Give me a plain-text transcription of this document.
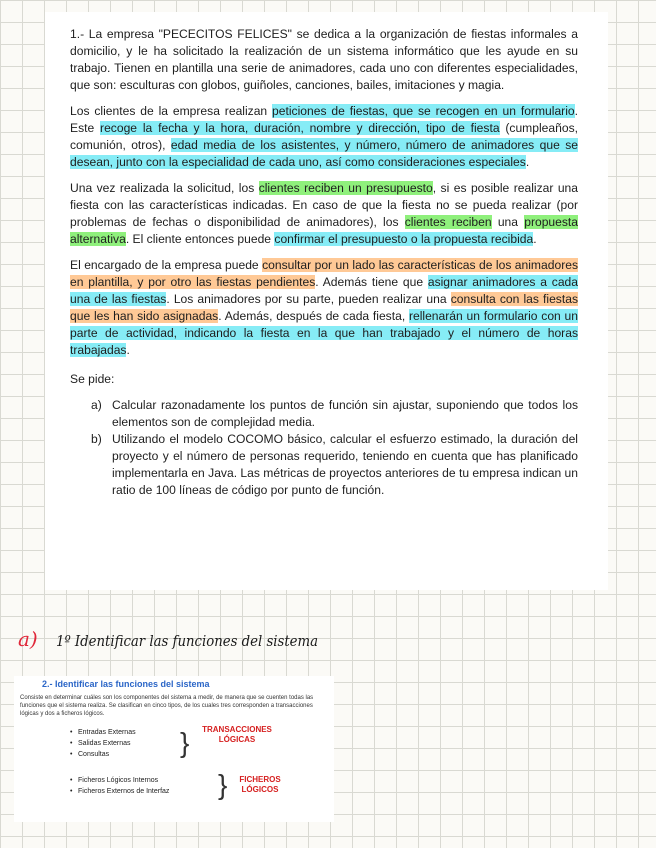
1.- La empresa "PECECITOS FELICES" se dedica a la organización de fiestas informales a domicilio, y le ha solicitado la realización de un sistema informático que les ayude en su trabajo. Tienen en plantilla una serie de animadores, cada uno con diferentes especialidades, que son: esculturas con globos, guiñoles, canciones, bailes, imitaciones y magia.

Los clientes de la empresa realizan peticiones de fiestas, que se recogen en un formulario. Este recoge la fecha y la hora, duración, nombre y dirección, tipo de fiesta (cumpleaños, comunión, otros), edad media de los asistentes, y número, número de animadores que se desean, junto con la especialidad de cada uno, así como consideraciones especiales.

Una vez realizada la solicitud, los clientes reciben un presupuesto, si es posible realizar una fiesta con las características indicadas. En caso de que la fiesta no se pueda realizar (por problemas de fechas o disponibilidad de animadores), los clientes reciben una propuesta alternativa. El cliente entonces puede confirmar el presupuesto o la propuesta recibida.

El encargado de la empresa puede consultar por un lado las características de los animadores en plantilla, y por otro las fiestas pendientes. Además tiene que asignar animadores a cada una de las fiestas. Los animadores por su parte, pueden realizar una consulta con las fiestas que les han sido asignadas. Además, después de cada fiesta, rellenarán un formulario con un parte de actividad, indicando la fiesta en la que han trabajado y el número de horas trabajadas.

Se pide:

a) Calcular razonadamente los puntos de función sin ajustar, suponiendo que todos los elementos son de complejidad media.
b) Utilizando el modelo COCOMO básico, calcular el esfuerzo estimado, la duración del proyecto y el número de personas requerido, teniendo en cuenta que has planificado implementarla en Java. Las métricas de proyectos anteriores de tu empresa indican un ratio de 100 líneas de código por punto de función.
a) 1º Identificar las funciones del sistema
2.- Identificar las funciones del sistema
Consiste en determinar cuáles son los componentes del sistema a medir, de manera que se cuenten todas las funciones que el sistema realiza. Se clasifican en cinco tipos, de los cuales tres corresponden a transacciones lógicas y dos a ficheros lógicos.
• Entradas Externas
• Salidas Externas
• Consultas	}	TRANSACCIONES
LÓGICAS
• Ficheros Lógicos Internos
• Ficheros Externos de Interfaz	}	FICHEROS
LÓGICOS
